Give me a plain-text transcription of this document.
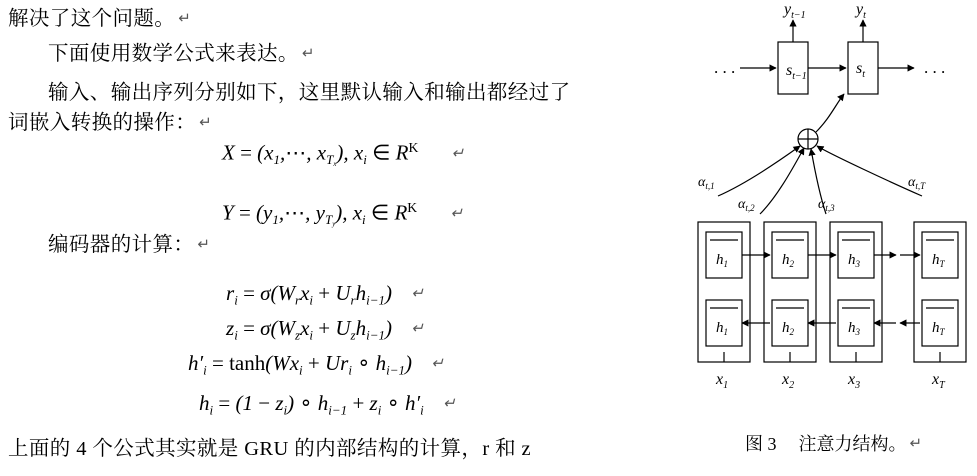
解决了这个问题。 ↵
下面使用数学公式来表达。 ↵
输入、输出序列分别如下，这里默认输入和输出都经过了
词嵌入转换的操作： ↵
$X = (x_1,\cdots$, $x_{Tx}$), $x_i$ ∈ $R^K$ ↵
$Y = (y_1,\cdots$, $y_{Ty}$), $x_i$ ∈ $R^K$ ↵
编码器的计算： ↵
$r_i = \sigma(W_rx_i + U_rh_{i-1})$ ↵
$z_i = \sigma(W_zx_i + U_zh_{i-1})$ ↵
$h'_i = \tanh(Wx_i + Ur_i$ ∘ $h_{i-1}$) ↵
$h_i = (1 - z_i)$ ∘ $h_{i-1} + z_i$ ∘ $h'_i$ ↵
上面的 4 个公式其实就是 GRU 的内部结构的计算，r 和 z
. . .	$s_{t-1}$	$s_t$	. . .
$y_{t-1}$	$y_t$
$\alpha_{t,1}$
$\alpha_{t,2}$	$\alpha_{t,3}$
$\alpha_{t,T}$
$h_1$
$h_1$
$h_2$
$h_2$
$h_3$
$h_3$
$h_T$
$h_T$
$x_1$	$x_2$	$x_3$	$x_T$
图 3 注意力结构。 ↵
